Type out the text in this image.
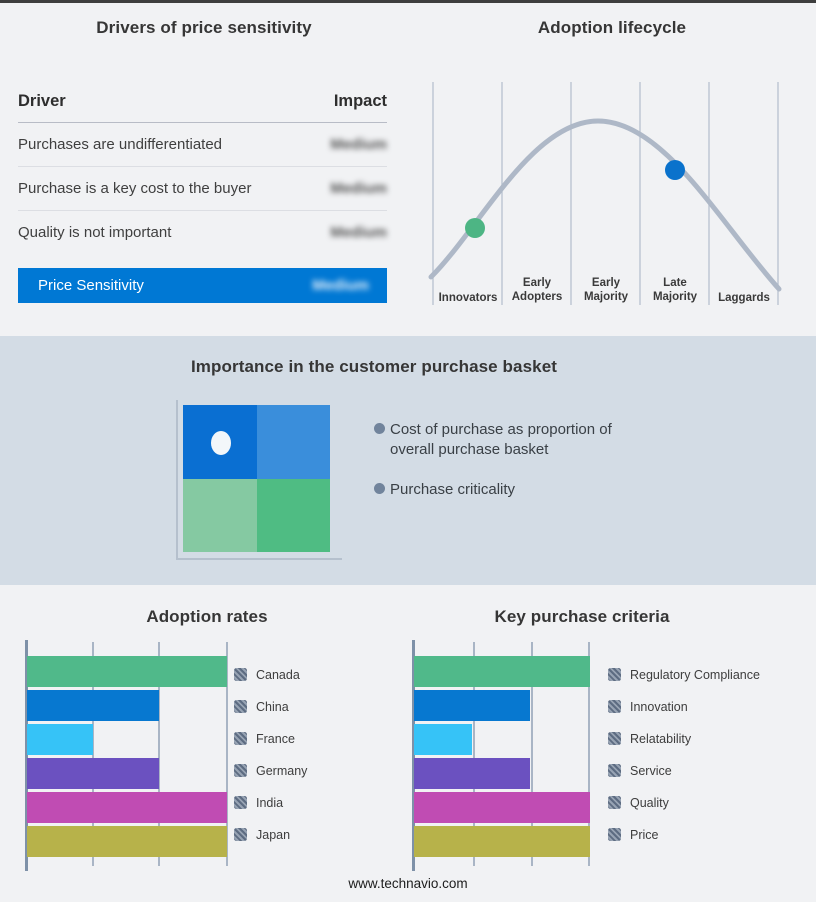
Drivers of price sensitivity
Driver	Impact
Purchases are undifferentiated	Medium
Purchase is a key cost to the buyer	Medium
Quality is not important	Medium
Price Sensitivity	Medium
Adoption lifecycle
Innovators
Early
Adopters
Early
Majority
Late
Majority	Laggards
Importance in the customer purchase basket
Cost of purchase as proportion of overall purchase basket
Purchase criticality
Adoption rates
Canada
China
France
Germany
India
Japan
Key purchase criteria
Regulatory Compliance
Innovation
Relatability
Service
Quality
Price
www.technavio.com
